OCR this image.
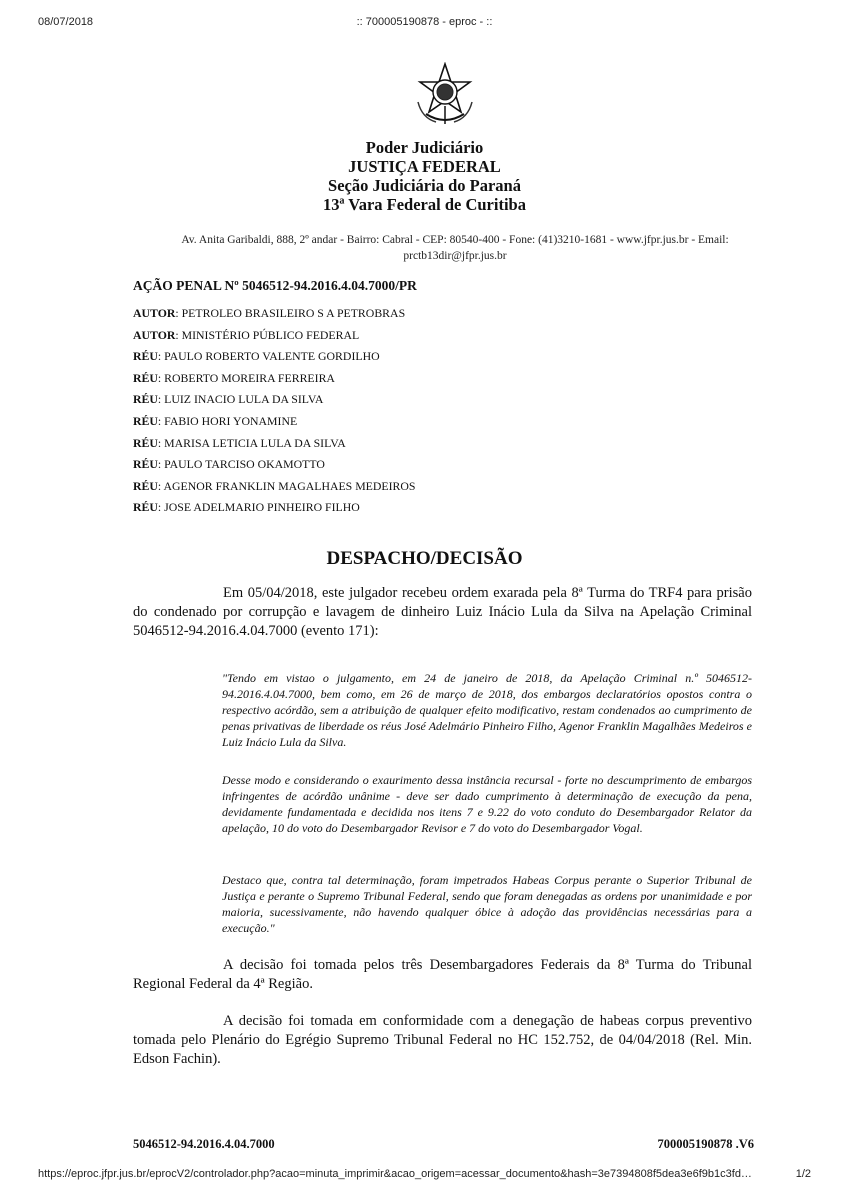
08/07/2018	:: 700005190878 - eproc - ::
Poder Judiciário
JUSTIÇA FEDERAL
Seção Judiciária do Paraná
13ª Vara Federal de Curitiba
Av. Anita Garibaldi, 888, 2º andar - Bairro: Cabral - CEP: 80540-400 - Fone: (41)3210-1681 - www.jfpr.jus.br - Email:
prctb13dir@jfpr.jus.br
AÇÃO PENAL Nº 5046512-94.2016.4.04.7000/PR
AUTOR: PETROLEO BRASILEIRO S A PETROBRAS
AUTOR: MINISTÉRIO PÚBLICO FEDERAL
RÉU: PAULO ROBERTO VALENTE GORDILHO
RÉU: ROBERTO MOREIRA FERREIRA
RÉU: LUIZ INACIO LULA DA SILVA
RÉU: FABIO HORI YONAMINE
RÉU: MARISA LETICIA LULA DA SILVA
RÉU: PAULO TARCISO OKAMOTTO
RÉU: AGENOR FRANKLIN MAGALHAES MEDEIROS
RÉU: JOSE ADELMARIO PINHEIRO FILHO
DESPACHO/DECISÃO

Em 05/04/2018, este julgador recebeu ordem exarada pela 8ª Turma do TRF4 para prisão do condenado por corrupção e lavagem de dinheiro Luiz Inácio Lula da Silva na Apelação Criminal 5046512-94.2016.4.04.7000 (evento 171):

"Tendo em vistao o julgamento, em 24 de janeiro de 2018, da Apelação Criminal n.º 5046512-94.2016.4.04.7000, bem como, em 26 de março de 2018, dos embargos declaratórios opostos contra o respectivo acórdão, sem a atribuição de qualquer efeito modificativo, restam condenados ao cumprimento de penas privativas de liberdade os réus José Adelmário Pinheiro Filho, Agenor Franklin Magalhães Medeiros e Luiz Inácio Lula da Silva.

Desse modo e considerando o exaurimento dessa instância recursal - forte no descumprimento de embargos infringentes de acórdão unânime - deve ser dado cumprimento à determinação de execução da pena, devidamente fundamentada e decidida nos itens 7 e 9.22 do voto conduto do Desembargador Relator da apelação, 10 do voto do Desembargador Revisor e 7 do voto do Desembargador Vogal.

Destaco que, contra tal determinação, foram impetrados Habeas Corpus perante o Superior Tribunal de Justiça e perante o Supremo Tribunal Federal, sendo que foram denegadas as ordens por unanimidade e por maioria, sucessivamente, não havendo qualquer óbice à adoção das providências necessárias para a execução."

A decisão foi tomada pelos três Desembargadores Federais da 8ª Turma do Tribunal Regional Federal da 4ª Região.

A decisão foi tomada em conformidade com a denegação de habeas corpus preventivo tomada pelo Plenário do Egrégio Supremo Tribunal Federal no HC 152.752, de 04/04/2018 (Rel. Min. Edson Fachin).

5046512-94.2016.4.04.7000	700005190878 .V6
https://eproc.jfpr.jus.br/eprocV2/controlador.php?acao=minuta_imprimir&acao_origem=acessar_documento&hash=3e7394808f5dea3e6f9b1c3fd…	1/2
